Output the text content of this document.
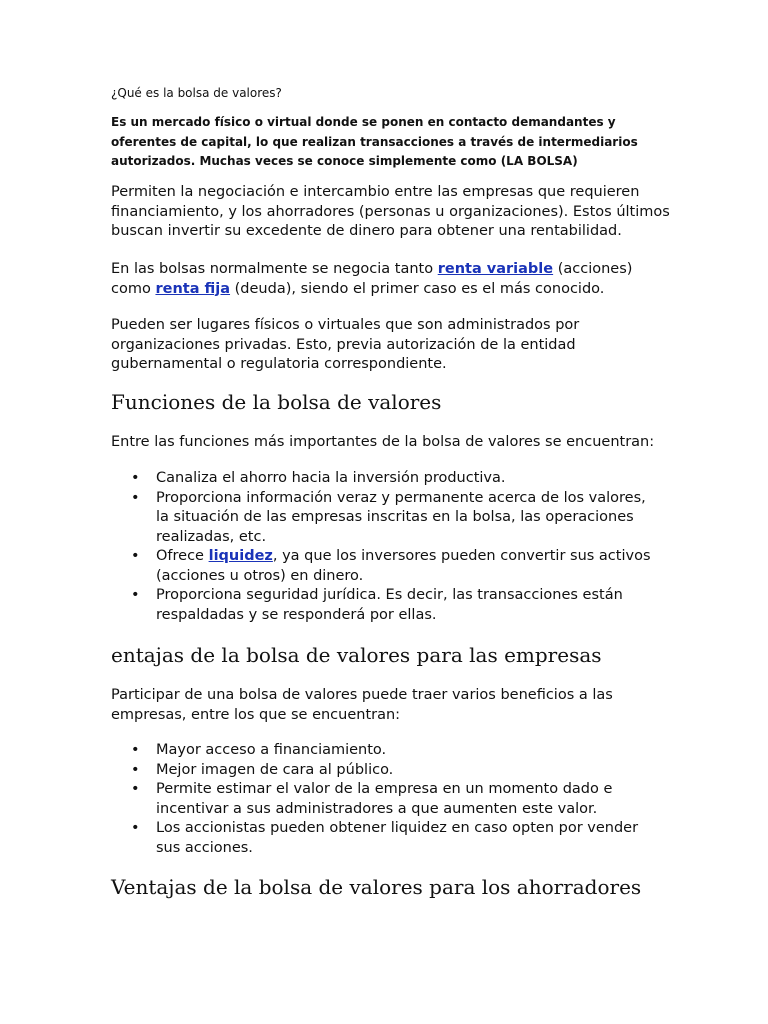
¿Qué es la bolsa de valores?
Es un mercado físico o virtual donde se ponen en contacto demandantes y oferentes de capital, lo que realizan transacciones a través de intermediarios autorizados. Muchas veces se conoce simplemente como (LA BOLSA)
Permiten la negociación e intercambio entre las empresas que requieren financiamiento, y los ahorradores (personas u organizaciones). Estos últimos buscan invertir su excedente de dinero para obtener una rentabilidad.
En las bolsas normalmente se negocia tanto renta variable (acciones) como renta fija (deuda), siendo el primer caso es el más conocido.
Pueden ser lugares físicos o virtuales que son administrados por organizaciones privadas. Esto, previa autorización de la entidad gubernamental o regulatoria correspondiente.
Funciones de la bolsa de valores
Entre las funciones más importantes de la bolsa de valores se encuentran:
• Canaliza el ahorro hacia la inversión productiva.
• Proporciona información veraz y permanente acerca de los valores, la situación de las empresas inscritas en la bolsa, las operaciones realizadas, etc.
• Ofrece liquidez, ya que los inversores pueden convertir sus activos (acciones u otros) en dinero.
• Proporciona seguridad jurídica. Es decir, las transacciones están respaldadas y se responderá por ellas.
entajas de la bolsa de valores para las empresas
Participar de una bolsa de valores puede traer varios beneficios a las empresas, entre los que se encuentran:
• Mayor acceso a financiamiento.
• Mejor imagen de cara al público.
• Permite estimar el valor de la empresa en un momento dado e incentivar a sus administradores a que aumenten este valor.
• Los accionistas pueden obtener liquidez en caso opten por vender sus acciones.
Ventajas de la bolsa de valores para los ahorradores
